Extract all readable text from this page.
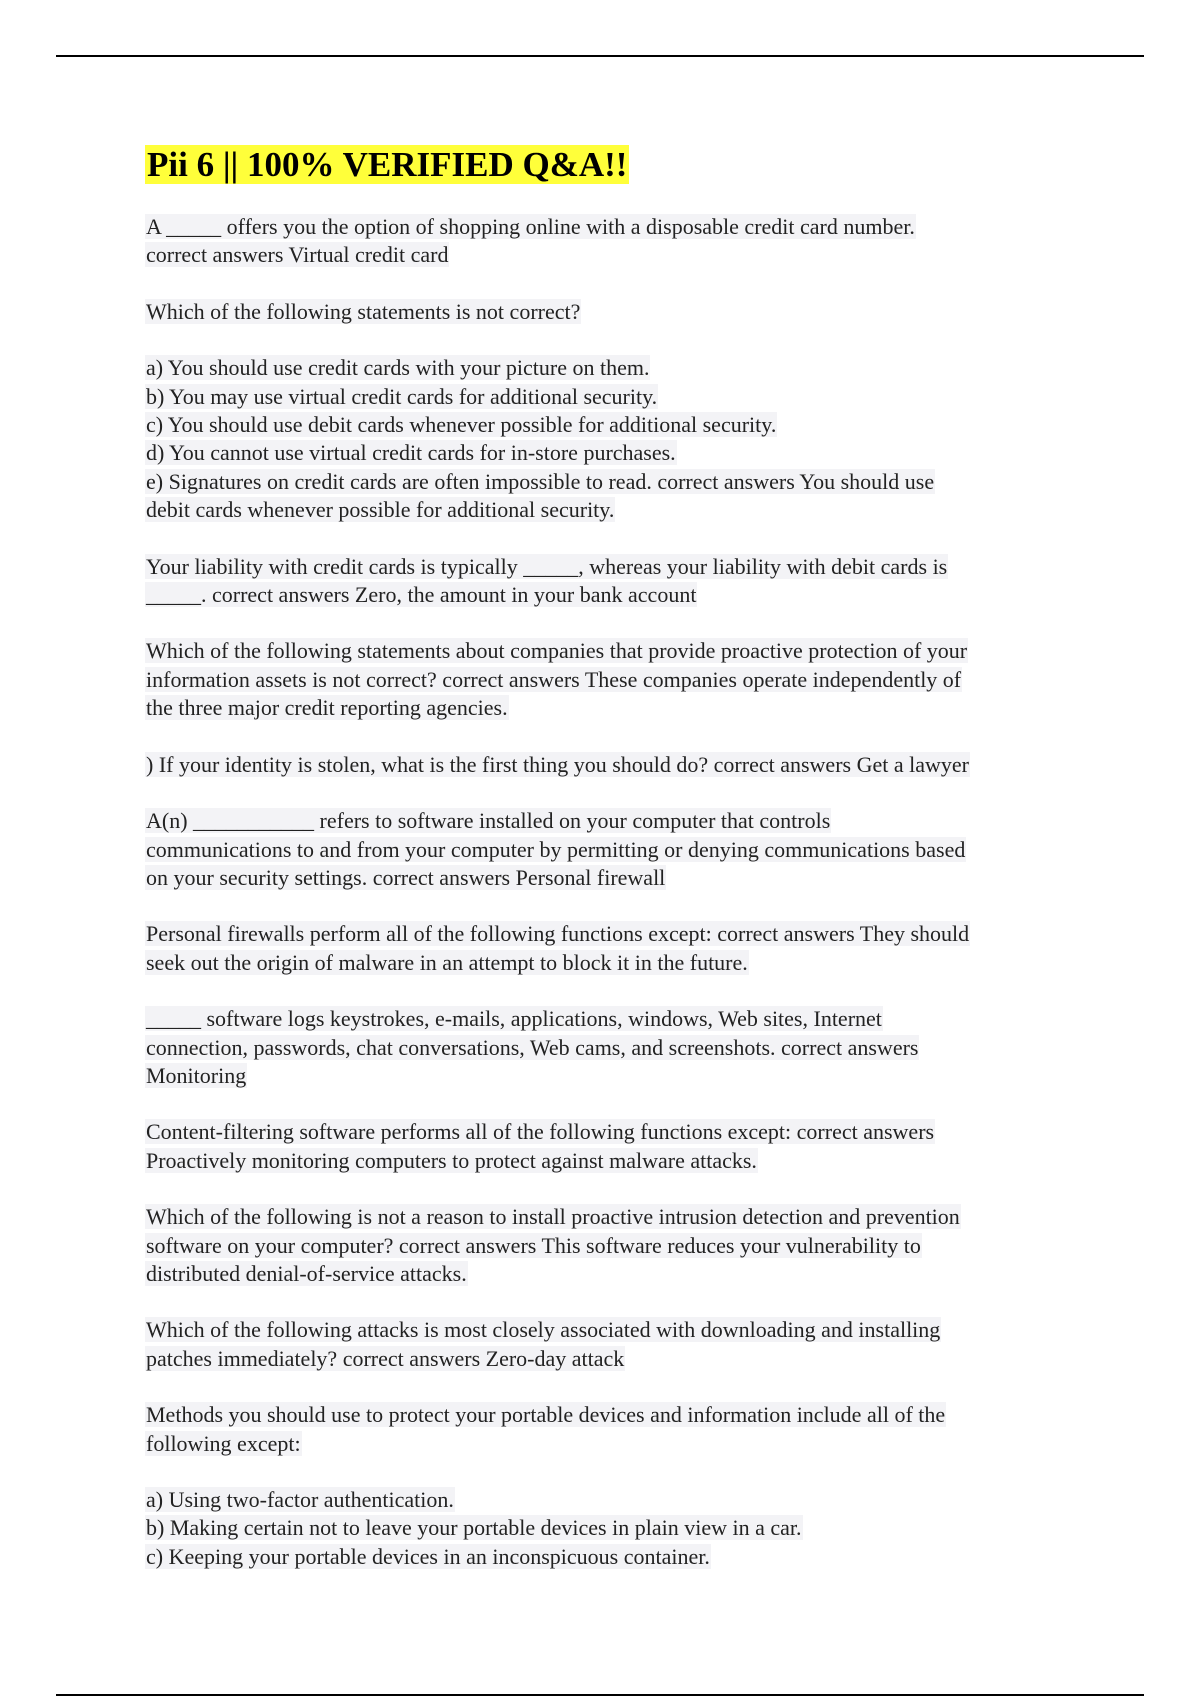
Pii 6 || 100% VERIFIED Q&A!!
A _____ offers you the option of shopping online with a disposable credit card number.
correct answers Virtual credit card
Which of the following statements is not correct?
a) You should use credit cards with your picture on them.
b) You may use virtual credit cards for additional security.
c) You should use debit cards whenever possible for additional security.
d) You cannot use virtual credit cards for in-store purchases.
e) Signatures on credit cards are often impossible to read. correct answers You should use
debit cards whenever possible for additional security.
Your liability with credit cards is typically _____, whereas your liability with debit cards is
_____. correct answers Zero, the amount in your bank account
Which of the following statements about companies that provide proactive protection of your
information assets is not correct? correct answers These companies operate independently of
the three major credit reporting agencies.
) If your identity is stolen, what is the first thing you should do? correct answers Get a lawyer
A(n) ___________ refers to software installed on your computer that controls
communications to and from your computer by permitting or denying communications based
on your security settings. correct answers Personal firewall
Personal firewalls perform all of the following functions except: correct answers They should
seek out the origin of malware in an attempt to block it in the future.
_____ software logs keystrokes, e-mails, applications, windows, Web sites, Internet
connection, passwords, chat conversations, Web cams, and screenshots. correct answers
Monitoring
Content-filtering software performs all of the following functions except: correct answers
Proactively monitoring computers to protect against malware attacks.
Which of the following is not a reason to install proactive intrusion detection and prevention
software on your computer? correct answers This software reduces your vulnerability to
distributed denial-of-service attacks.
Which of the following attacks is most closely associated with downloading and installing
patches immediately? correct answers Zero-day attack
Methods you should use to protect your portable devices and information include all of the
following except:
a) Using two-factor authentication.
b) Making certain not to leave your portable devices in plain view in a car.
c) Keeping your portable devices in an inconspicuous container.
